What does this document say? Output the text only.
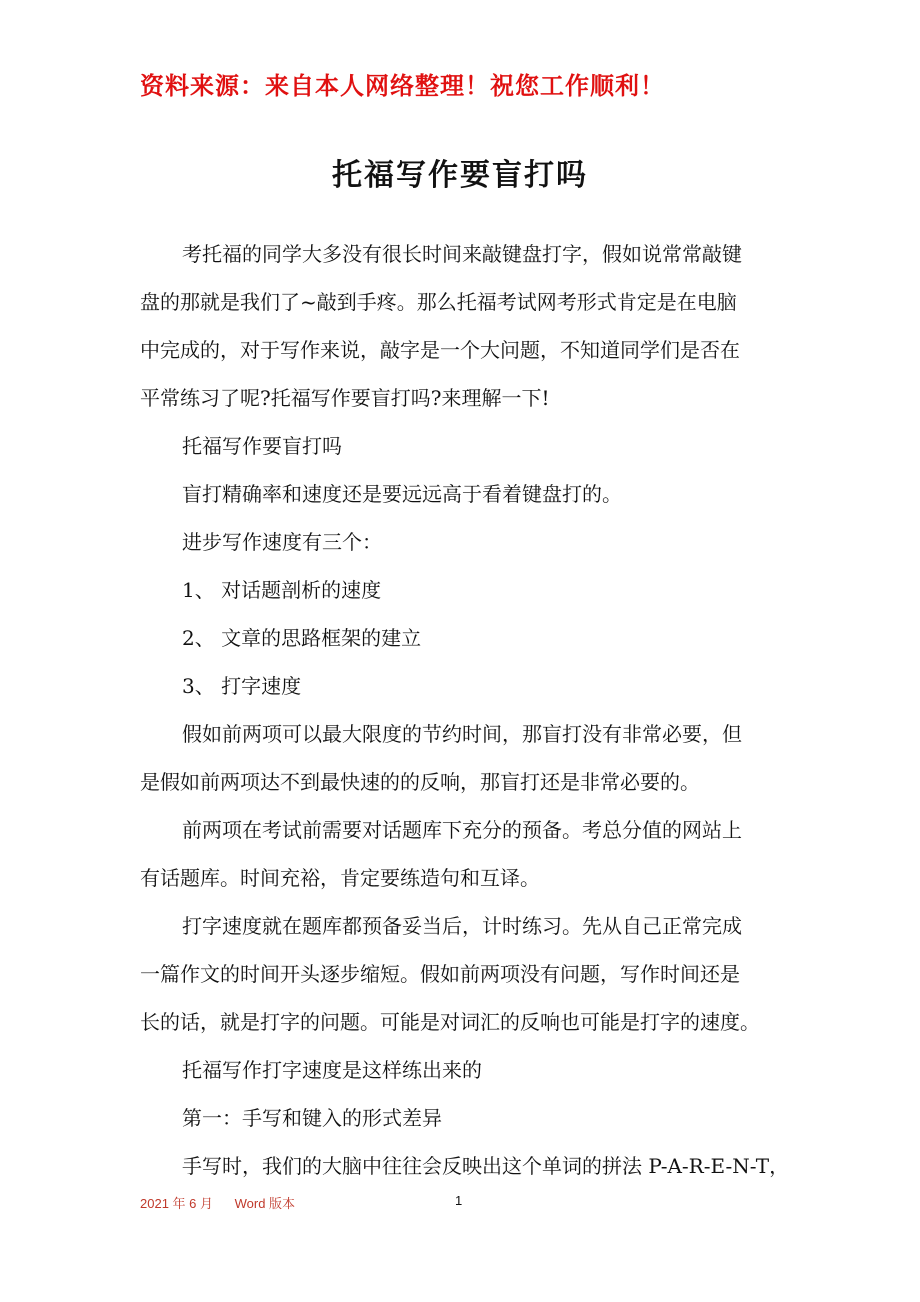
资料来源：来自本人网络整理！祝您工作顺利！
托福写作要盲打吗

考托福的同学大多没有很长时间来敲键盘打字，假如说常常敲键

盘的那就是我们了~敲到手疼。那么托福考试网考形式肯定是在电脑

中完成的，对于写作来说，敲字是一个大问题，不知道同学们是否在

平常练习了呢?托福写作要盲打吗?来理解一下!

托福写作要盲打吗

盲打精确率和速度还是要远远高于看着键盘打的。

进步写作速度有三个：

1、 对话题剖析的速度

2、 文章的思路框架的建立

3、 打字速度

假如前两项可以最大限度的节约时间，那盲打没有非常必要，但

是假如前两项达不到最快速的的反响，那盲打还是非常必要的。

前两项在考试前需要对话题库下充分的预备。考总分值的网站上

有话题库。时间充裕，肯定要练造句和互译。

打字速度就在题库都预备妥当后，计时练习。先从自己正常完成

一篇作文的时间开头逐步缩短。假如前两项没有问题，写作时间还是

长的话，就是打字的问题。可能是对词汇的反响也可能是打字的速度。

托福写作打字速度是这样练出来的

第一：手写和键入的形式差异

手写时，我们的大脑中往往会反映出这个单词的拼法 P-A-R-E-N-T，

2021 年 6 月 Word 版本	1
